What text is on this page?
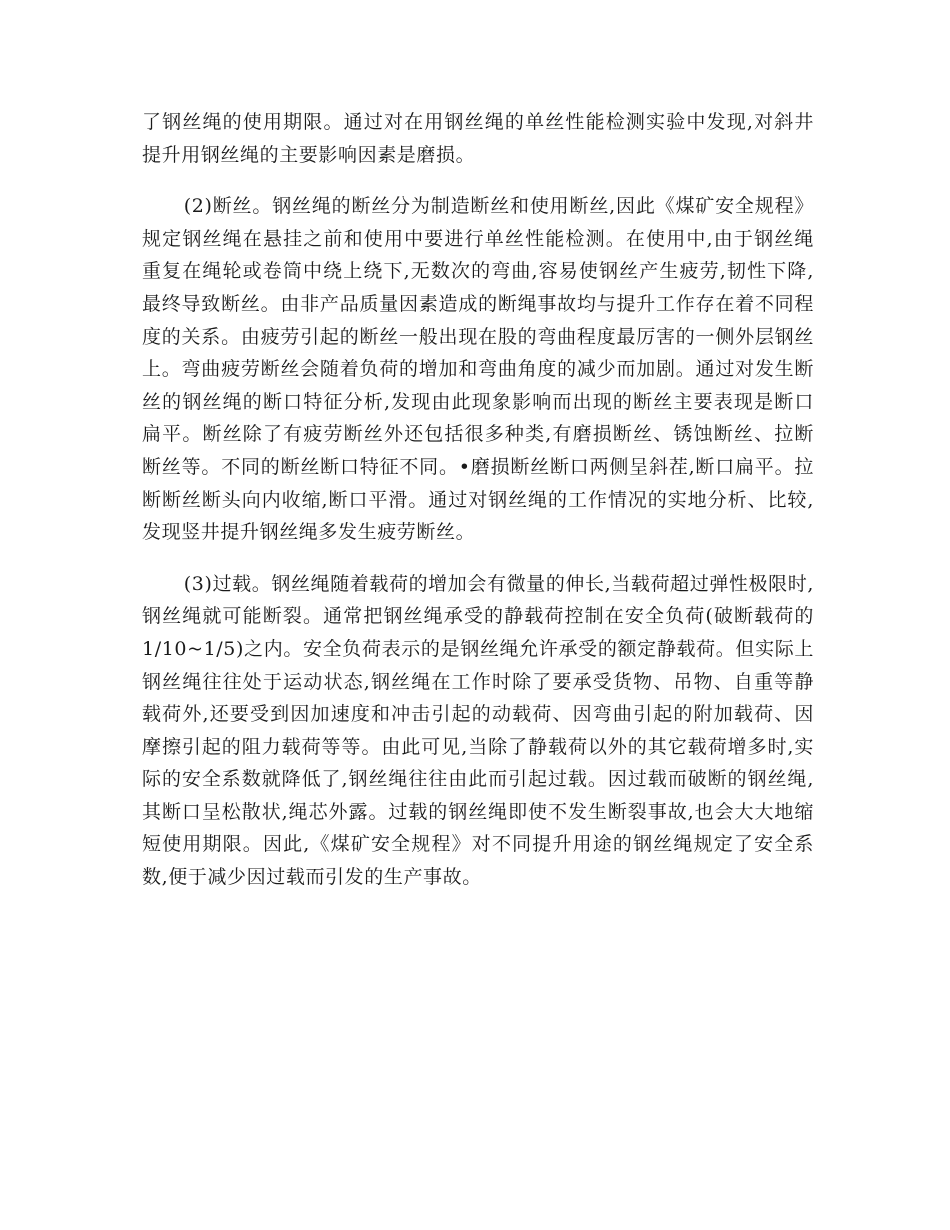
了钢丝绳的使用期限。通过对在用钢丝绳的单丝性能检测实验中发现,对斜井提升用钢丝绳的主要影响因素是磨损。

(2)断丝。钢丝绳的断丝分为制造断丝和使用断丝,因此《煤矿安全规程》规定钢丝绳在悬挂之前和使用中要进行单丝性能检测。在使用中,由于钢丝绳重复在绳轮或卷筒中绕上绕下,无数次的弯曲,容易使钢丝产生疲劳,韧性下降,最终导致断丝。由非产品质量因素造成的断绳事故均与提升工作存在着不同程度的关系。由疲劳引起的断丝一般出现在股的弯曲程度最厉害的一侧外层钢丝上。弯曲疲劳断丝会随着负荷的增加和弯曲角度的减少而加剧。通过对发生断丝的钢丝绳的断口特征分析,发现由此现象影响而出现的断丝主要表现是断口扁平。断丝除了有疲劳断丝外还包括很多种类,有磨损断丝、锈蚀断丝、拉断断丝等。不同的断丝断口特征不同。•磨损断丝断口两侧呈斜茬,断口扁平。拉断断丝断头向内收缩,断口平滑。通过对钢丝绳的工作情况的实地分析、比较,发现竖井提升钢丝绳多发生疲劳断丝。

(3)过载。钢丝绳随着载荷的增加会有微量的伸长,当载荷超过弹性极限时,钢丝绳就可能断裂。通常把钢丝绳承受的静载荷控制在安全负荷(破断载荷的1/10~1/5)之内。安全负荷表示的是钢丝绳允许承受的额定静载荷。但实际上钢丝绳往往处于运动状态,钢丝绳在工作时除了要承受货物、吊物、自重等静载荷外,还要受到因加速度和冲击引起的动载荷、因弯曲引起的附加载荷、因摩擦引起的阻力载荷等等。由此可见,当除了静载荷以外的其它载荷增多时,实际的安全系数就降低了,钢丝绳往往由此而引起过载。因过载而破断的钢丝绳,其断口呈松散状,绳芯外露。过载的钢丝绳即使不发生断裂事故,也会大大地缩短使用期限。因此,《煤矿安全规程》对不同提升用途的钢丝绳规定了安全系数,便于减少因过载而引发的生产事故。
